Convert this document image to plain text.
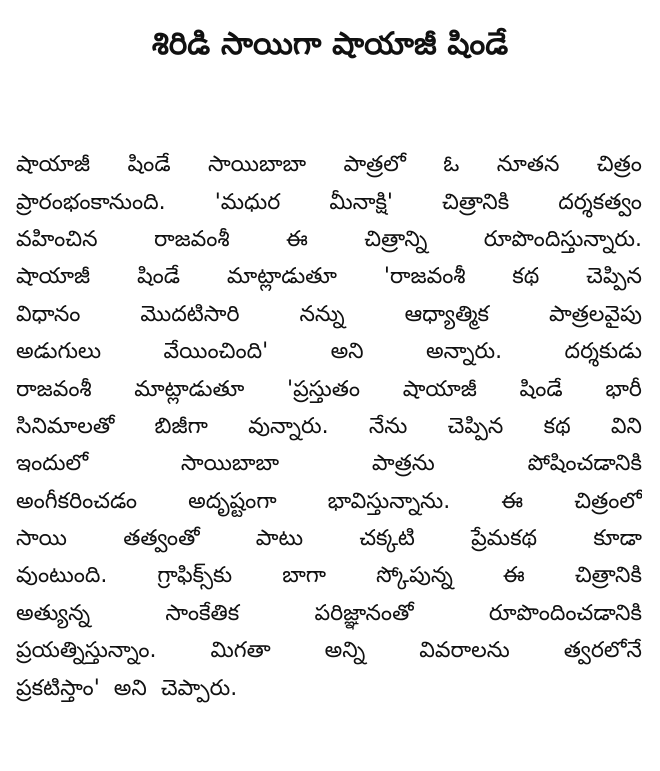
శిరిడి సాయిగా షాయాజీ షిండే
షాయాజీ షిండే సాయిబాబా పాత్రలో ఓ నూతన చిత్రం
ప్రారంభంకానుంది. 'మధుర మీనాక్షి' చిత్రానికి దర్శకత్వం
వహించిన	రాజవంశీ	ఈ	చిత్రాన్ని	రూపొందిస్తున్నారు.
షాయాజీ షిండే మాట్లాడుతూ 'రాజవంశీ కథ చెప్పిన
విధానం	మొదటిసారి	నన్ను	ఆధ్యాత్మిక	పాత్రలవైపు
అడుగులు	వేయించింది'	అని	అన్నారు.	దర్శకుడు
రాజవంశీ మాట్లాడుతూ 'ప్రస్తుతం షాయాజీ షిండే భారీ
సినిమాలతో బిజీగా వున్నారు. నేను చెప్పిన కథ విని
ఇందులో	సాయిబాబా	పాత్రను	పోషించడానికి
అంగీకరించడం అదృష్టంగా భావిస్తున్నాను. ఈ చిత్రంలో
సాయి	తత్వంతో	పాటు	చక్కటి	ప్రేమకథ	కూడా
వుంటుంది. గ్రాఫిక్స్‌కు బాగా స్కోపున్న ఈ చిత్రానికి
అత్యున్న	సాంకేతిక	పరిజ్ఞానంతో	రూపొందించడానికి
ప్రయత్నిస్తున్నాం. మిగతా అన్ని వివరాలను త్వరలోనే
ప్రకటిస్తాం' అని చెప్పారు.
